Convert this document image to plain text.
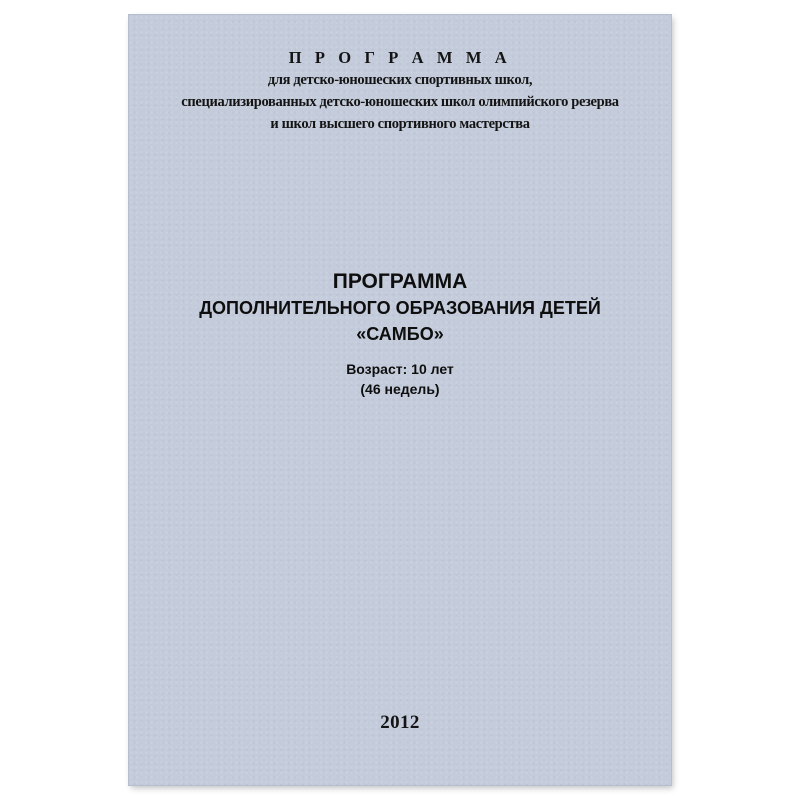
П Р О Г Р А М М А
для детско-юношеских спортивных школ,
специализированных детско-юношеских школ олимпийского резерва
и школ высшего спортивного мастерства
ПРОГРАММА
ДОПОЛНИТЕЛЬНОГО ОБРАЗОВАНИЯ ДЕТЕЙ
«САМБО»
Возраст: 10 лет
(46 недель)
2012
